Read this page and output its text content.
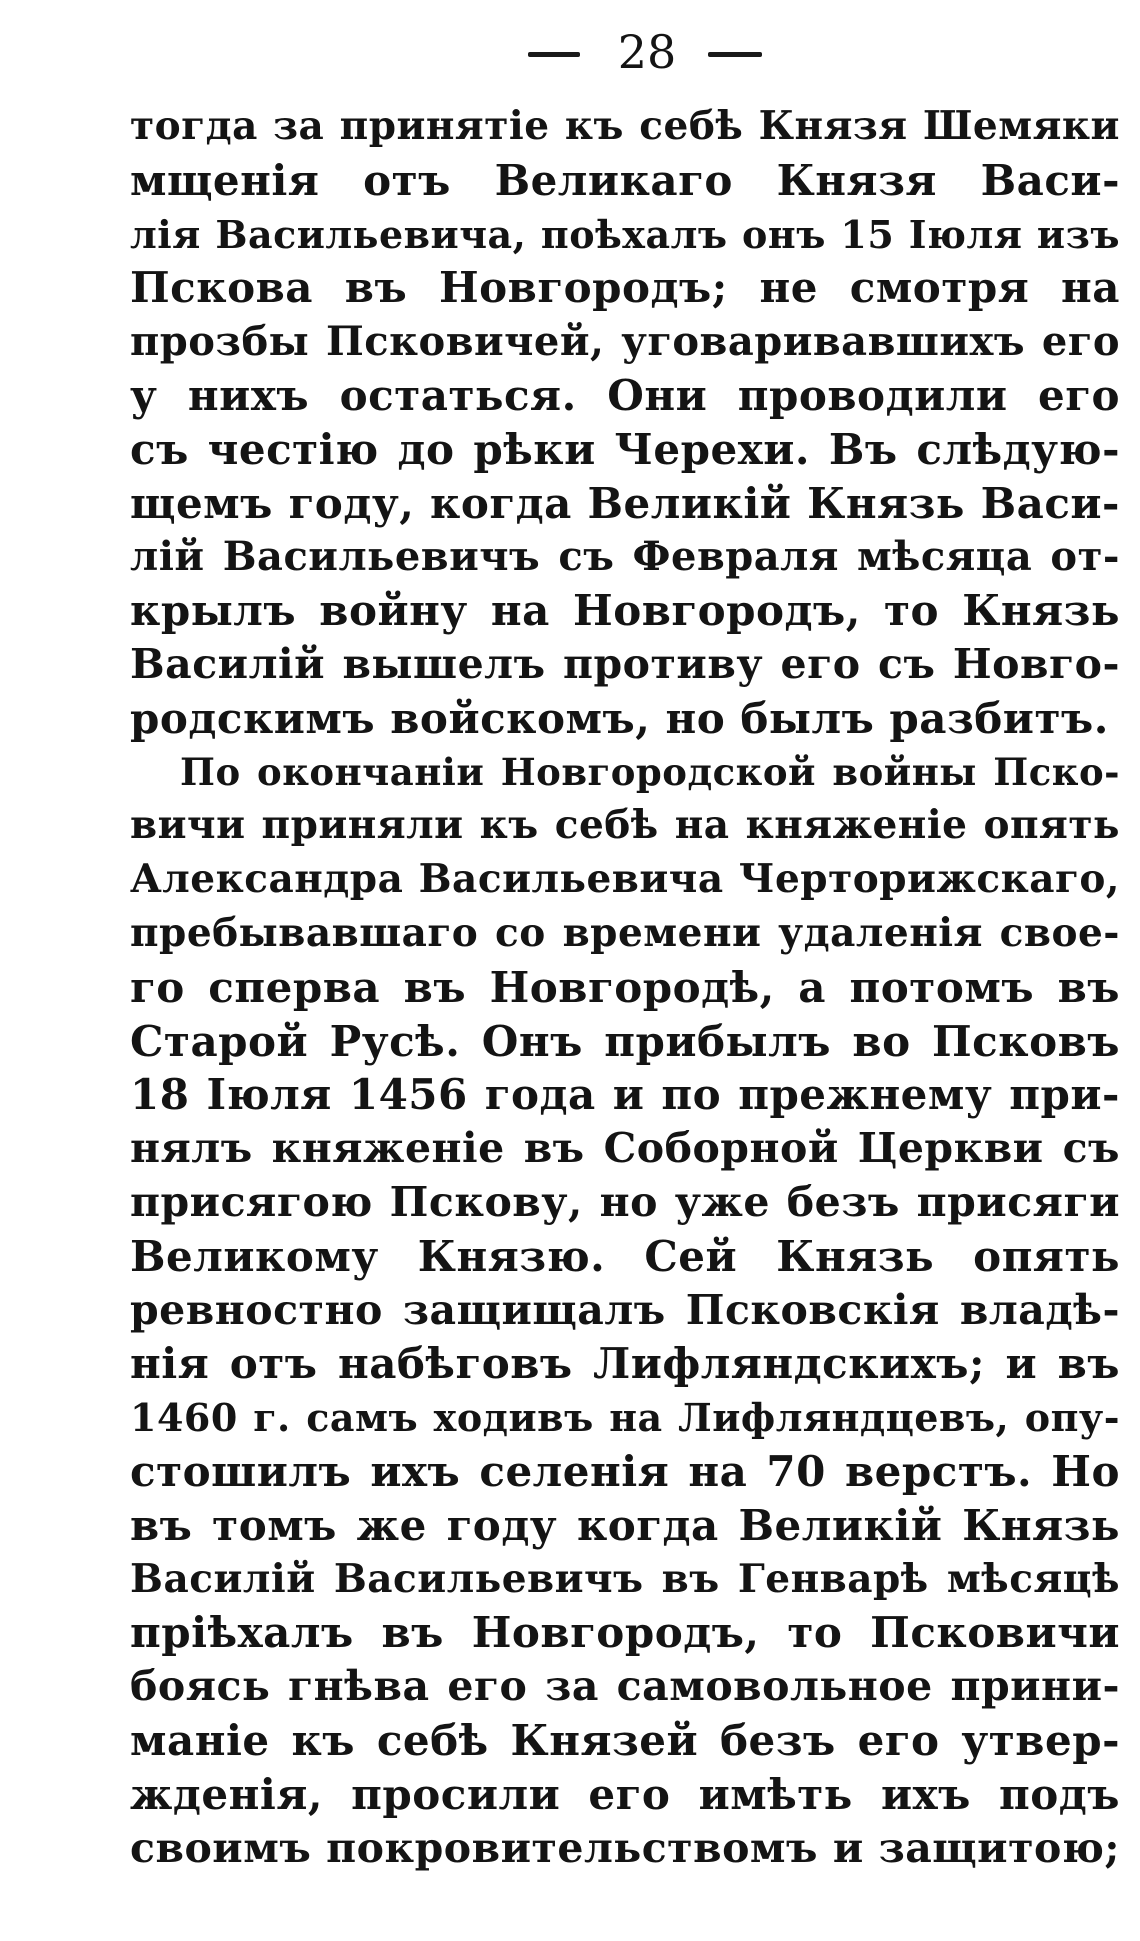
28
тогда за принятіе къ себѣ Князя Шемяки
мщенія отъ Великаго Князя Васи-
лія Васильевича, поѣхалъ онъ 15 Іюля изъ
Пскова въ Новгородъ; не смотря на
прозбы Псковичей, уговаривавшихъ его
у нихъ остаться. Они проводили его
съ честію до рѣки Черехи. Въ слѣдую-
щемъ году, когда Великій Князь Васи-
лій Васильевичъ съ Февраля мѣсяца от-
крылъ войну на Новгородъ, то Князь
Василій вышелъ противу его съ Новго-
родскимъ войскомъ, но былъ разбитъ.
По окончаніи Новгородской войны Пско-
вичи приняли къ себѣ на княженіе опять
Александра Васильевича Черторижскаго,
пребывавшаго со времени удаленія свое-
го сперва въ Новгородѣ, а потомъ въ
Старой Русѣ. Онъ прибылъ во Псковъ
18 Іюля 1456 года и по прежнему при-
нялъ княженіе въ Соборной Церкви съ
присягою Пскову, но уже безъ присяги
Великому Князю. Сей Князь опять
ревностно защищалъ Псковскія владѣ-
нія отъ набѣговъ Лифляндскихъ; и въ
1460 г. самъ ходивъ на Лифляндцевъ, опу-
стошилъ ихъ селенія на 70 верстъ. Но
въ томъ же году когда Великій Князь
Василій Васильевичъ въ Генварѣ мѣсяцѣ
пріѣхалъ въ Новгородъ, то Псковичи
боясь гнѣва его за самовольное прини-
маніе къ себѣ Князей безъ его утвер-
жденія, просили его имѣть ихъ подъ
своимъ покровительствомъ и защитою;
